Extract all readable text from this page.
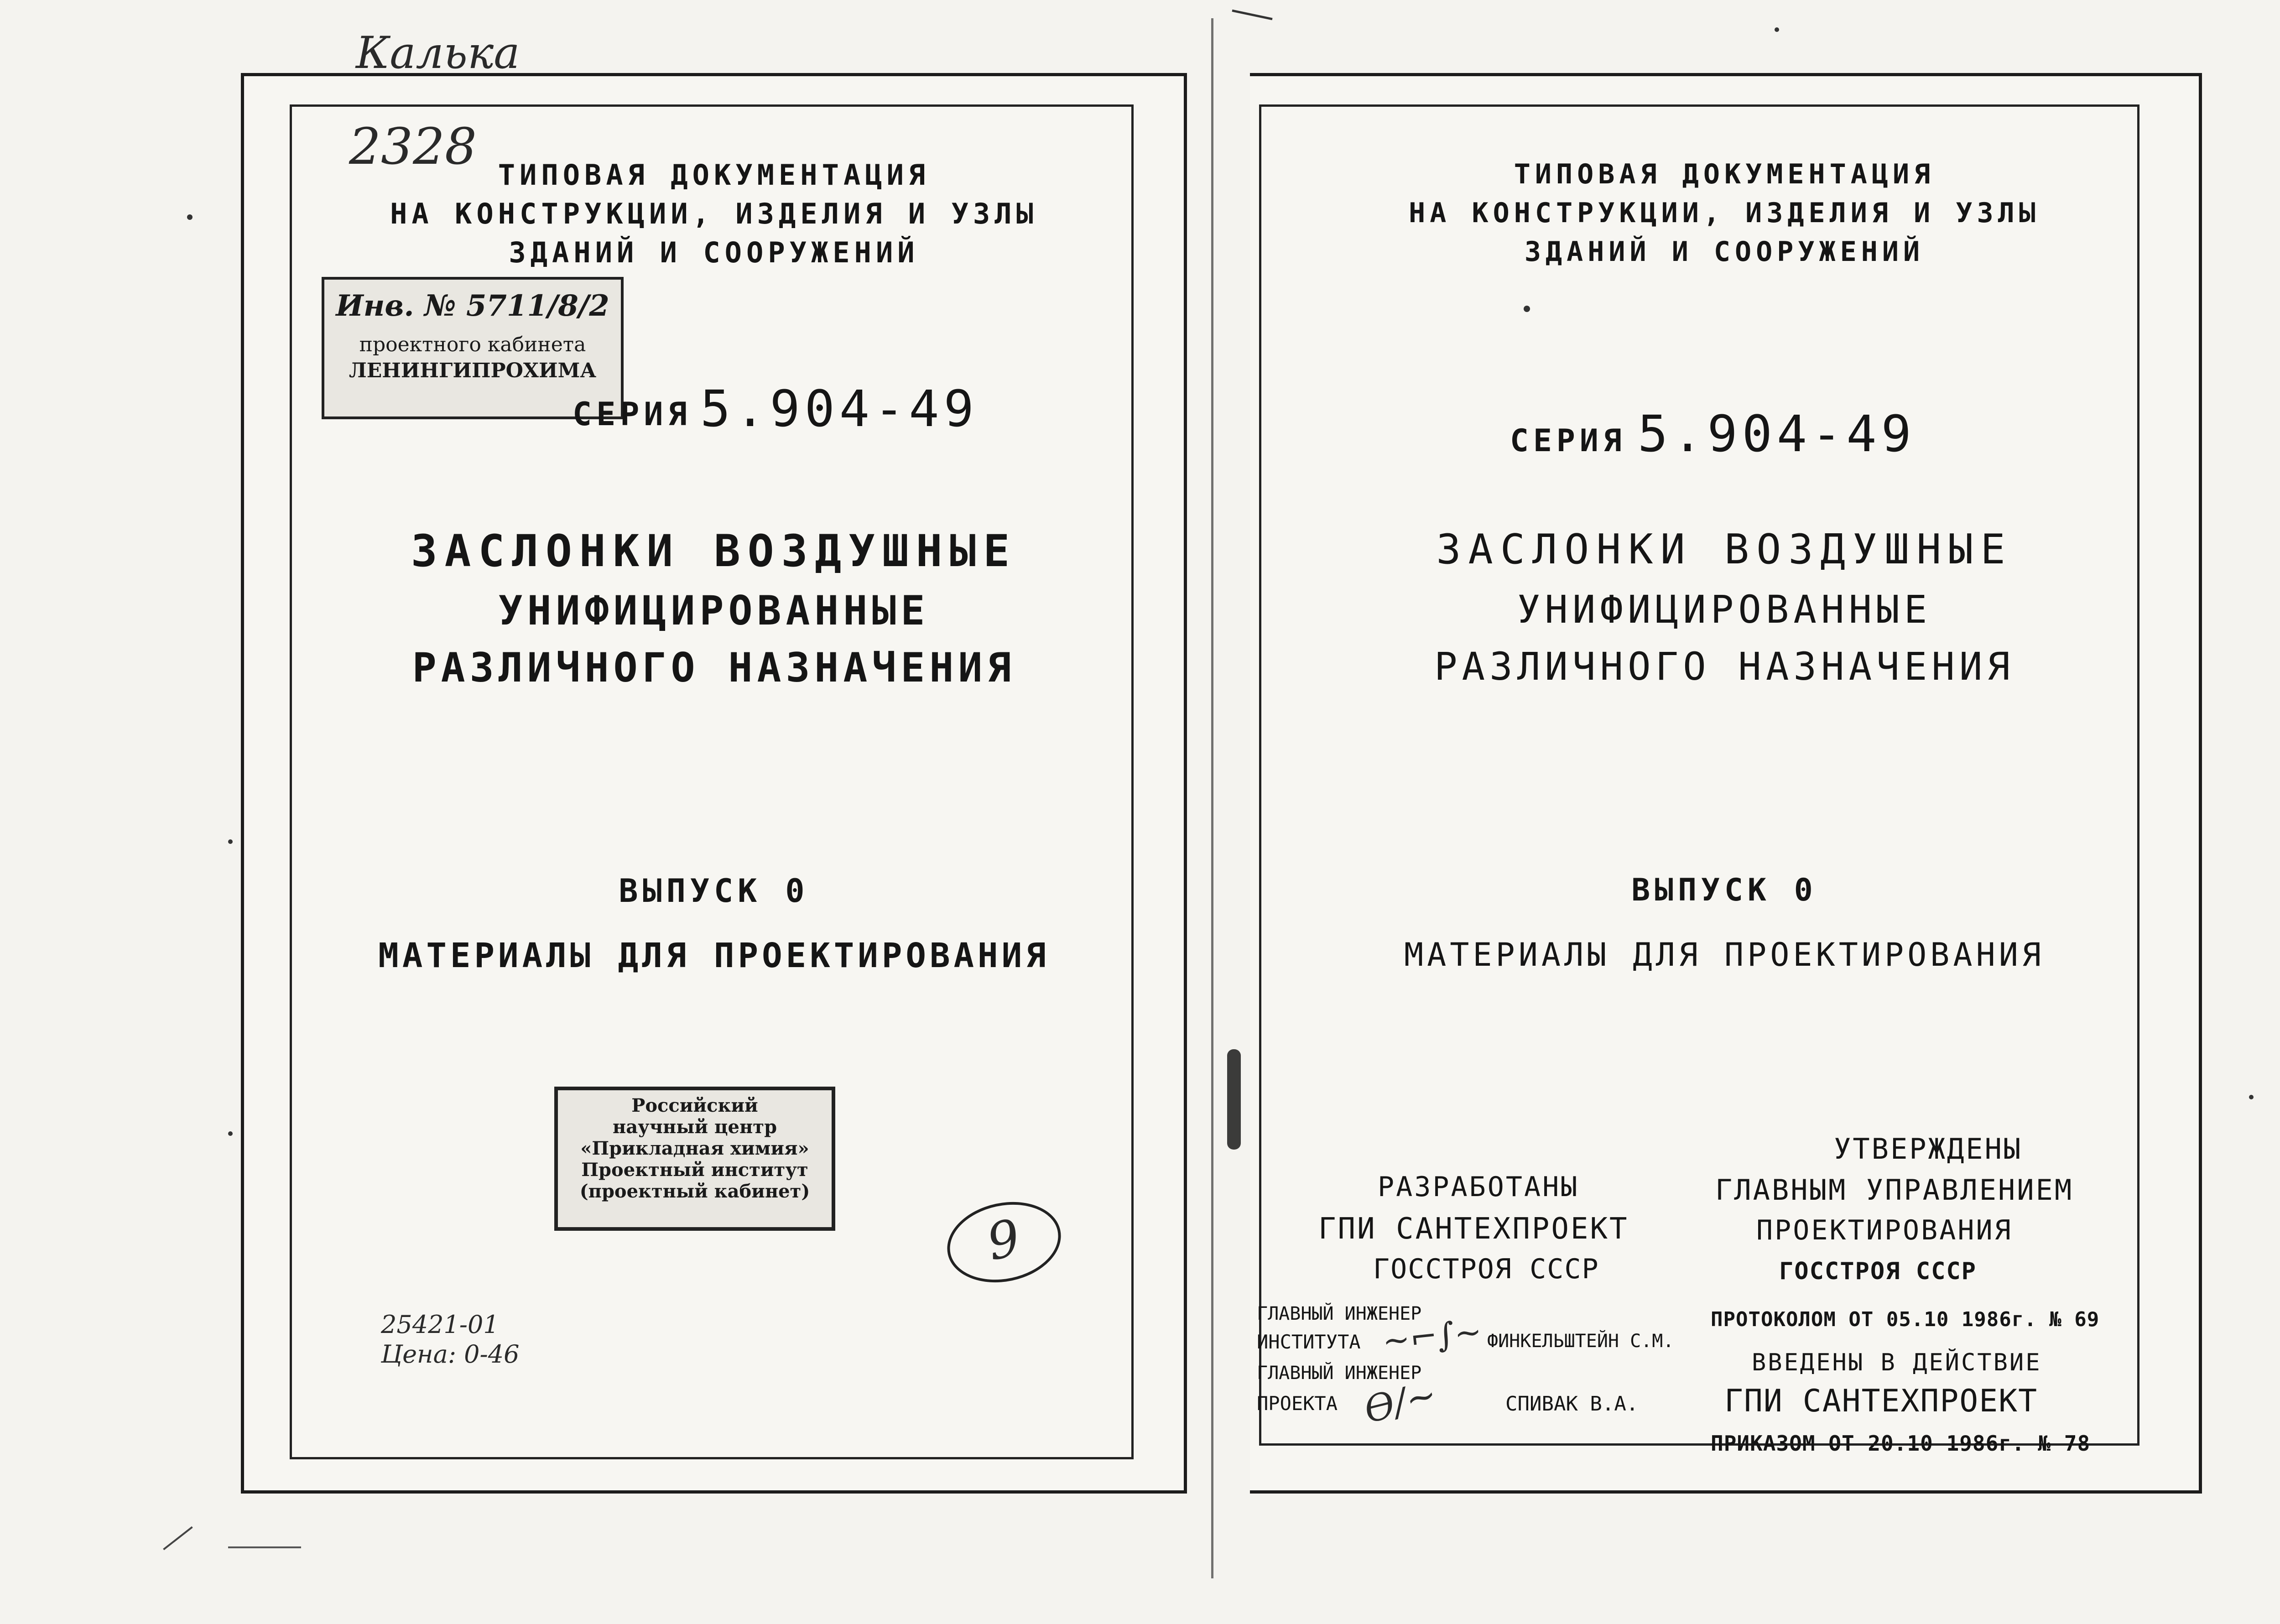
2328 ТИПОВАЯ ДОКУМЕНТАЦИЯ
НА КОНСТРУКЦИИ, ИЗДЕЛИЯ И УЗЛЫ
ЗДАНИЙ И СООРУЖЕНИЙ
Инв. № 5711/8/2
проектного кабинета
ЛЕНИНГИПРОХИМА
СЕРИЯ 5.904-49
ЗАСЛОНКИ ВОЗДУШНЫЕ
УНИФИЦИРОВАННЫЕ
РАЗЛИЧНОГО НАЗНАЧЕНИЯ
ВЫПУСК 0
МАТЕРИАЛЫ ДЛЯ ПРОЕКТИРОВАНИЯ
Российский
научный центр
«Прикладная химия»
Проектный институт
(проектный кабинет)
9
25421-01
Цена: 0-46
Калька
ТИПОВАЯ ДОКУМЕНТАЦИЯ
НА КОНСТРУКЦИИ, ИЗДЕЛИЯ И УЗЛЫ
ЗДАНИЙ И СООРУЖЕНИЙ
СЕРИЯ 5.904-49
ЗАСЛОНКИ ВОЗДУШНЫЕ
УНИФИЦИРОВАННЫЕ
РАЗЛИЧНОГО НАЗНАЧЕНИЯ
ВЫПУСК 0
МАТЕРИАЛЫ ДЛЯ ПРОЕКТИРОВАНИЯ
РАЗРАБОТАНЫ
ГПИ САНТЕХПРОЕКТ
ГОССТРОЯ СССР
УТВЕРЖДЕНЫ
ГЛАВНЫМ УПРАВЛЕНИЕМ
ПРОЕКТИРОВАНИЯ
ГОССТРОЯ СССР
ПРОТОКОЛОМ ОТ 05.10 1986г. № 69
ГЛАВНЫЙ ИНЖЕНЕР
ИНСТИТУТА ~⌐∫~ ФИНКЕЛЬШТЕЙН С.М.
ГЛАВНЫЙ ИНЖЕНЕР
ПРОЕКТА Ѳ∕~	СПИВАК В.А.
ВВЕДЕНЫ В ДЕЙСТВИЕ
ГПИ САНТЕХПРОЕКТ
ПРИКАЗОМ ОТ 20.10 1986г. № 78
